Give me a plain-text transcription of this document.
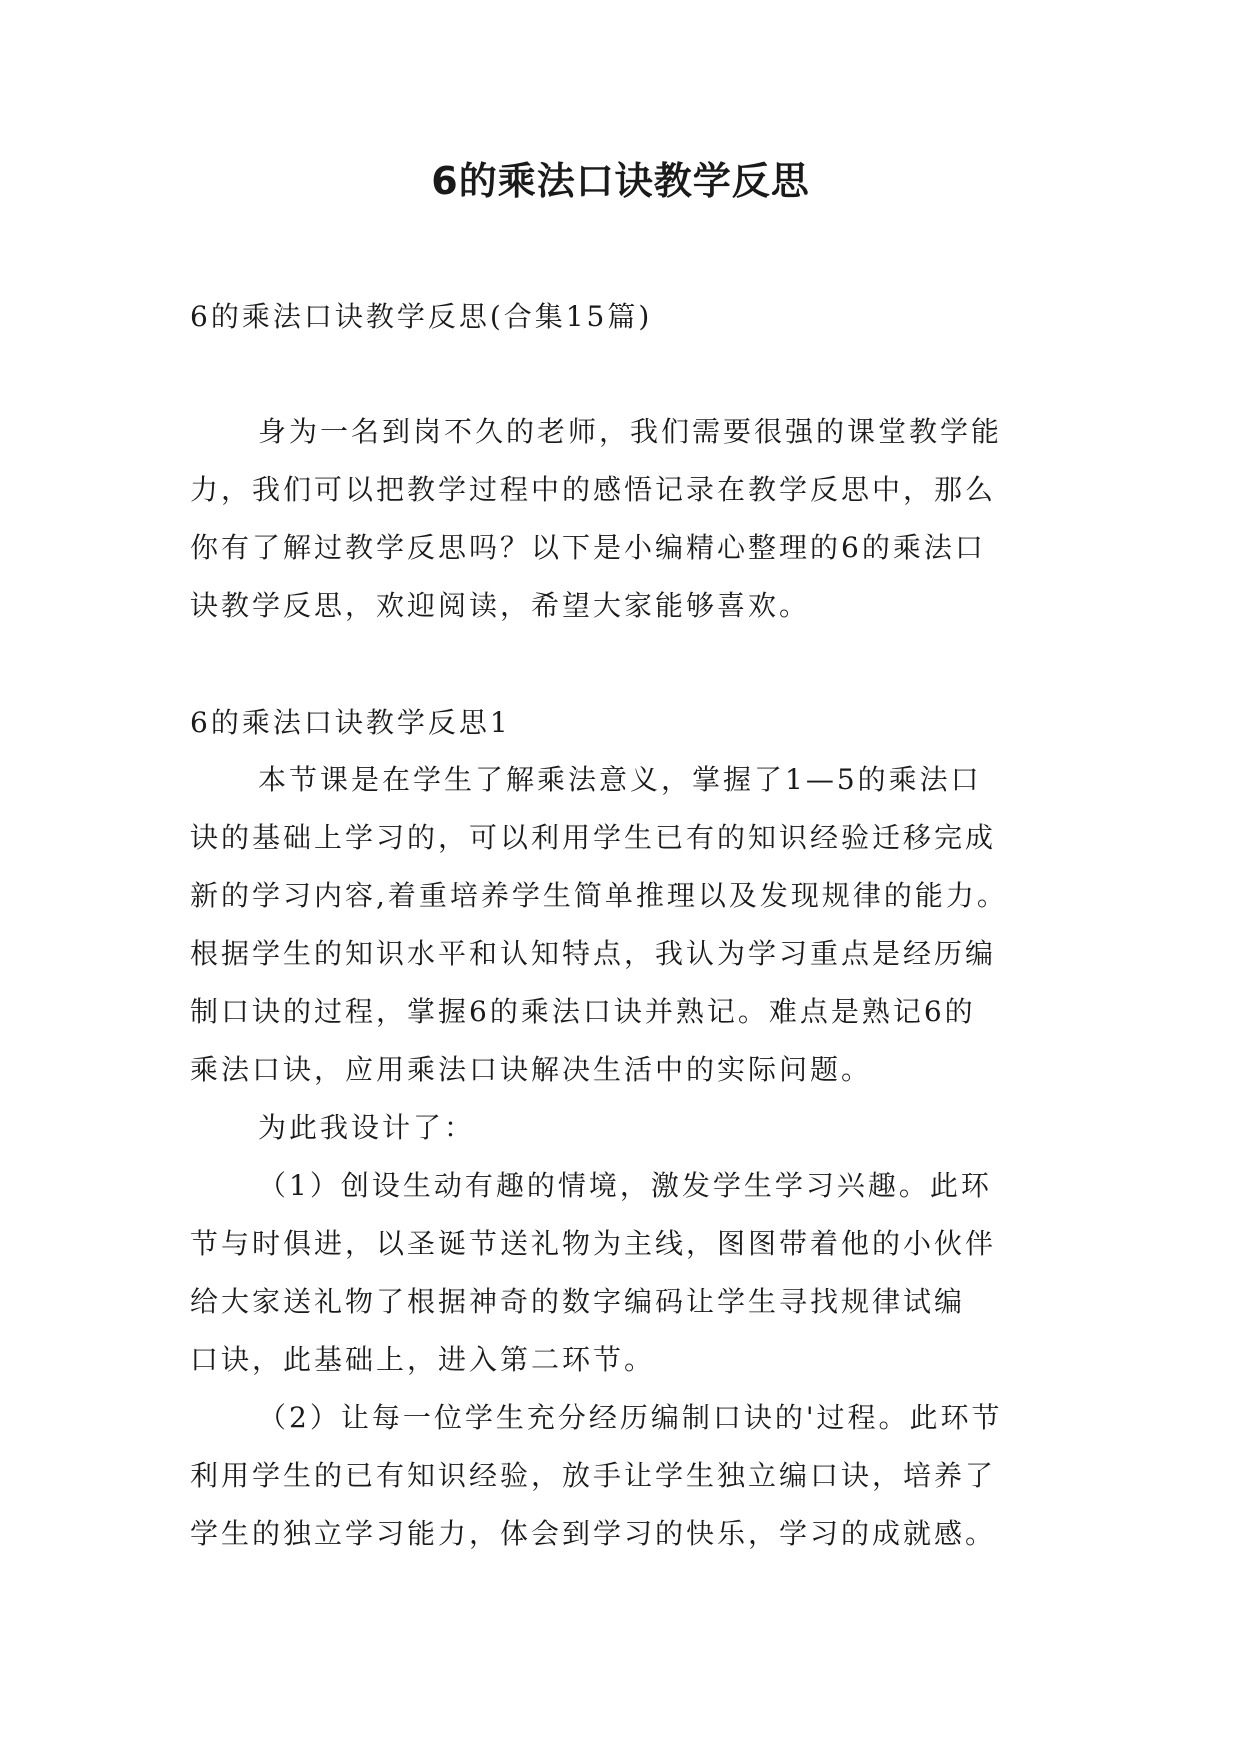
6的乘法口诀教学反思
6的乘法口诀教学反思(合集15篇)
身为一名到岗不久的老师，我们需要很强的课堂教学能
力，我们可以把教学过程中的感悟记录在教学反思中，那么
你有了解过教学反思吗？以下是小编精心整理的6的乘法口
诀教学反思，欢迎阅读，希望大家能够喜欢。
6的乘法口诀教学反思1
本节课是在学生了解乘法意义，掌握了1—5的乘法口
诀的基础上学习的，可以利用学生已有的知识经验迁移完成
新的学习内容,着重培养学生简单推理以及发现规律的能力。
根据学生的知识水平和认知特点，我认为学习重点是经历编
制口诀的过程，掌握6的乘法口诀并熟记。难点是熟记6的
乘法口诀，应用乘法口诀解决生活中的实际问题。
为此我设计了：
（1）创设生动有趣的情境，激发学生学习兴趣。此环
节与时俱进，以圣诞节送礼物为主线，图图带着他的小伙伴
给大家送礼物了根据神奇的数字编码让学生寻找规律试编
口诀，此基础上，进入第二环节。
（2）让每一位学生充分经历编制口诀的'过程。此环节
利用学生的已有知识经验，放手让学生独立编口诀，培养了
学生的独立学习能力，体会到学习的快乐，学习的成就感。
